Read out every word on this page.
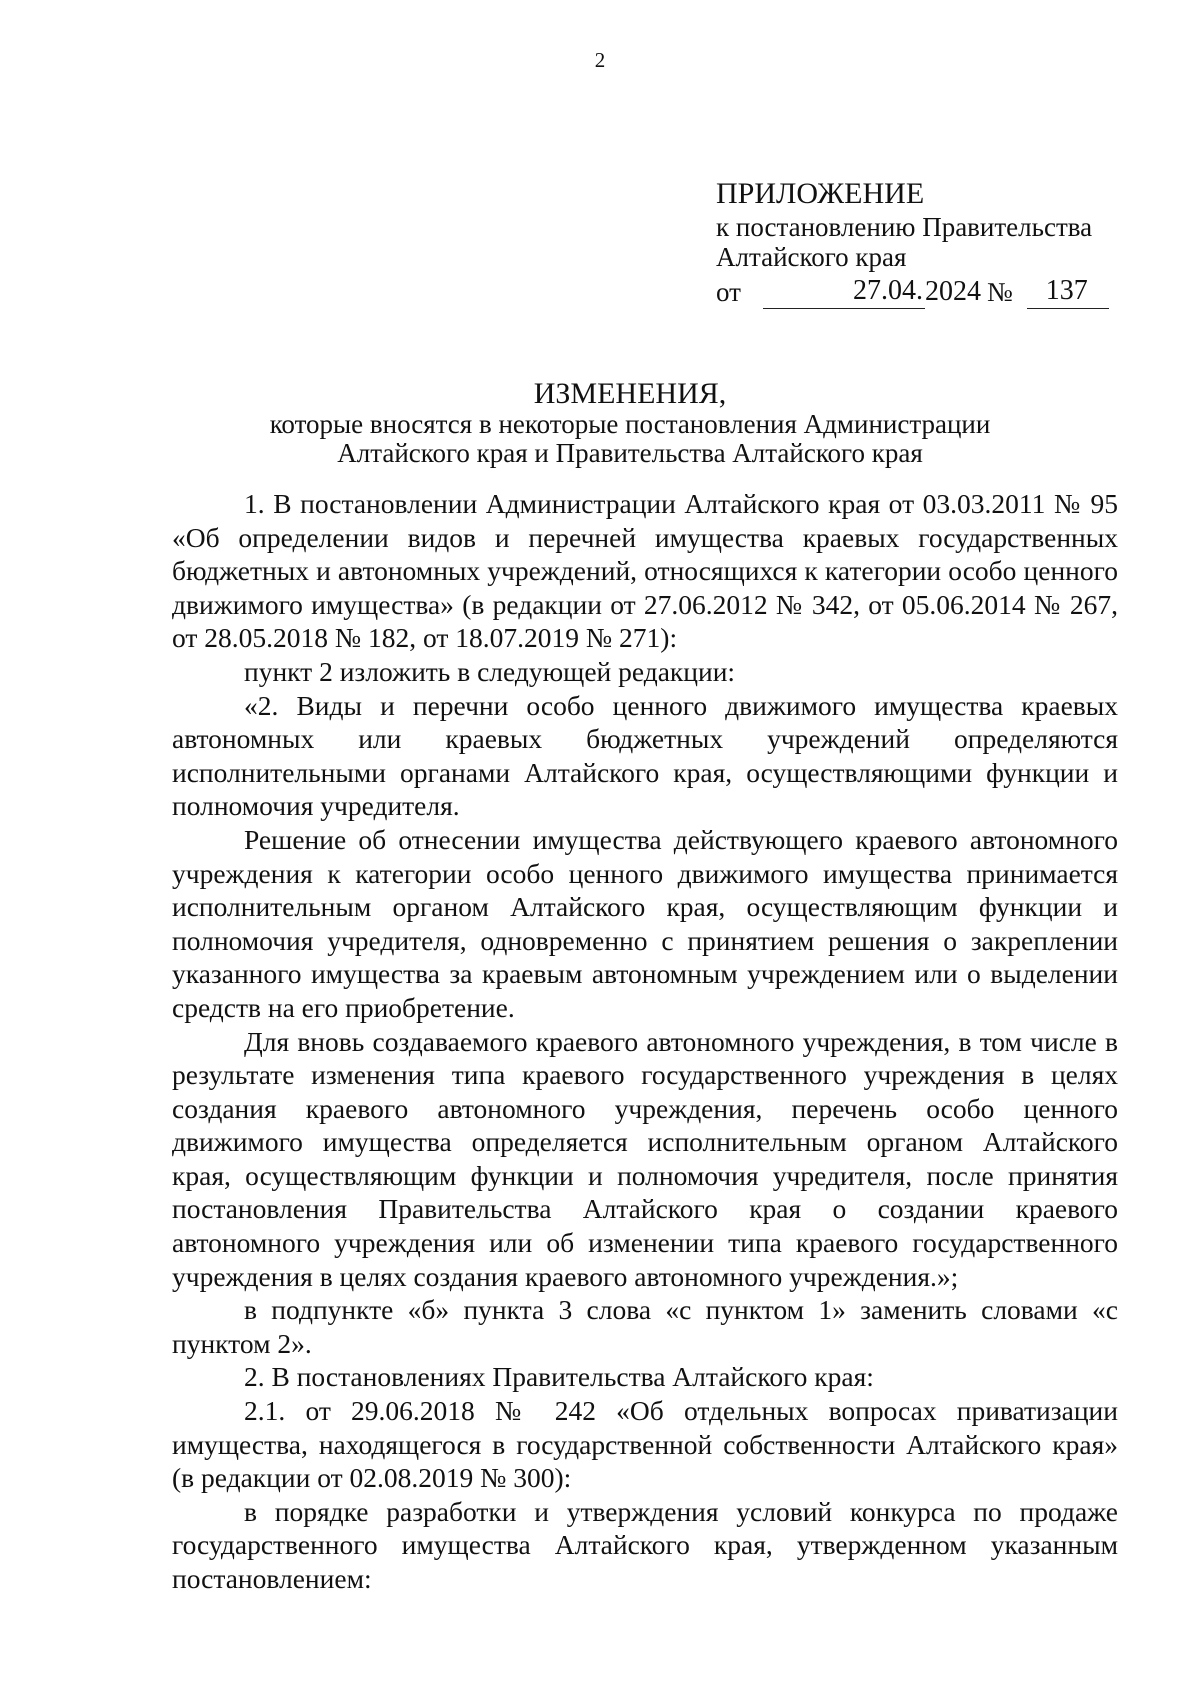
2
ПРИЛОЖЕНИЕ
к постановлению Правительства
Алтайского края
от	27.04. 2024 №	137
ИЗМЕНЕНИЯ,
которые вносятся в некоторые постановления Администрации
Алтайского края и Правительства Алтайского края

1. В постановлении Администрации Алтайского края от 03.03.2011 № 95 «Об определении видов и перечней имущества краевых государственных бюджетных и автономных учреждений, относящихся к категории особо ценного движимого имущества» (в редакции от 27.06.2012 № 342, от 05.06.2014 № 267, от 28.05.2018 № 182, от 18.07.2019 № 271):

пункт 2 изложить в следующей редакции:

«2. Виды и перечни особо ценного движимого имущества краевых автономных или краевых бюджетных учреждений определяются исполнительными органами Алтайского края, осуществляющими функции и полномочия учредителя.

Решение об отнесении имущества действующего краевого автономного учреждения к категории особо ценного движимого имущества принимается исполнительным органом Алтайского края, осуществляющим функции и полномочия учредителя, одновременно с принятием решения о закреплении указанного имущества за краевым автономным учреждением или о выделении средств на его приобретение.

Для вновь создаваемого краевого автономного учреждения, в том числе в результате изменения типа краевого государственного учреждения в целях создания краевого автономного учреждения, перечень особо ценного движимого имущества определяется исполнительным органом Алтайского края, осуществляющим функции и полномочия учредителя, после принятия постановления Правительства Алтайского края о создании краевого автономного учреждения или об изменении типа краевого государственного учреждения в целях создания краевого автономного учреждения.»;

в подпункте «б» пункта 3 слова «с пунктом 1» заменить словами «с пунктом 2».

2. В постановлениях Правительства Алтайского края:

2.1. от 29.06.2018 № 242 «Об отдельных вопросах приватизации имущества, находящегося в государственной собственности Алтайского края» (в редакции от 02.08.2019 № 300):

в порядке разработки и утверждения условий конкурса по продаже государственного имущества Алтайского края, утвержденном указанным постановлением:
